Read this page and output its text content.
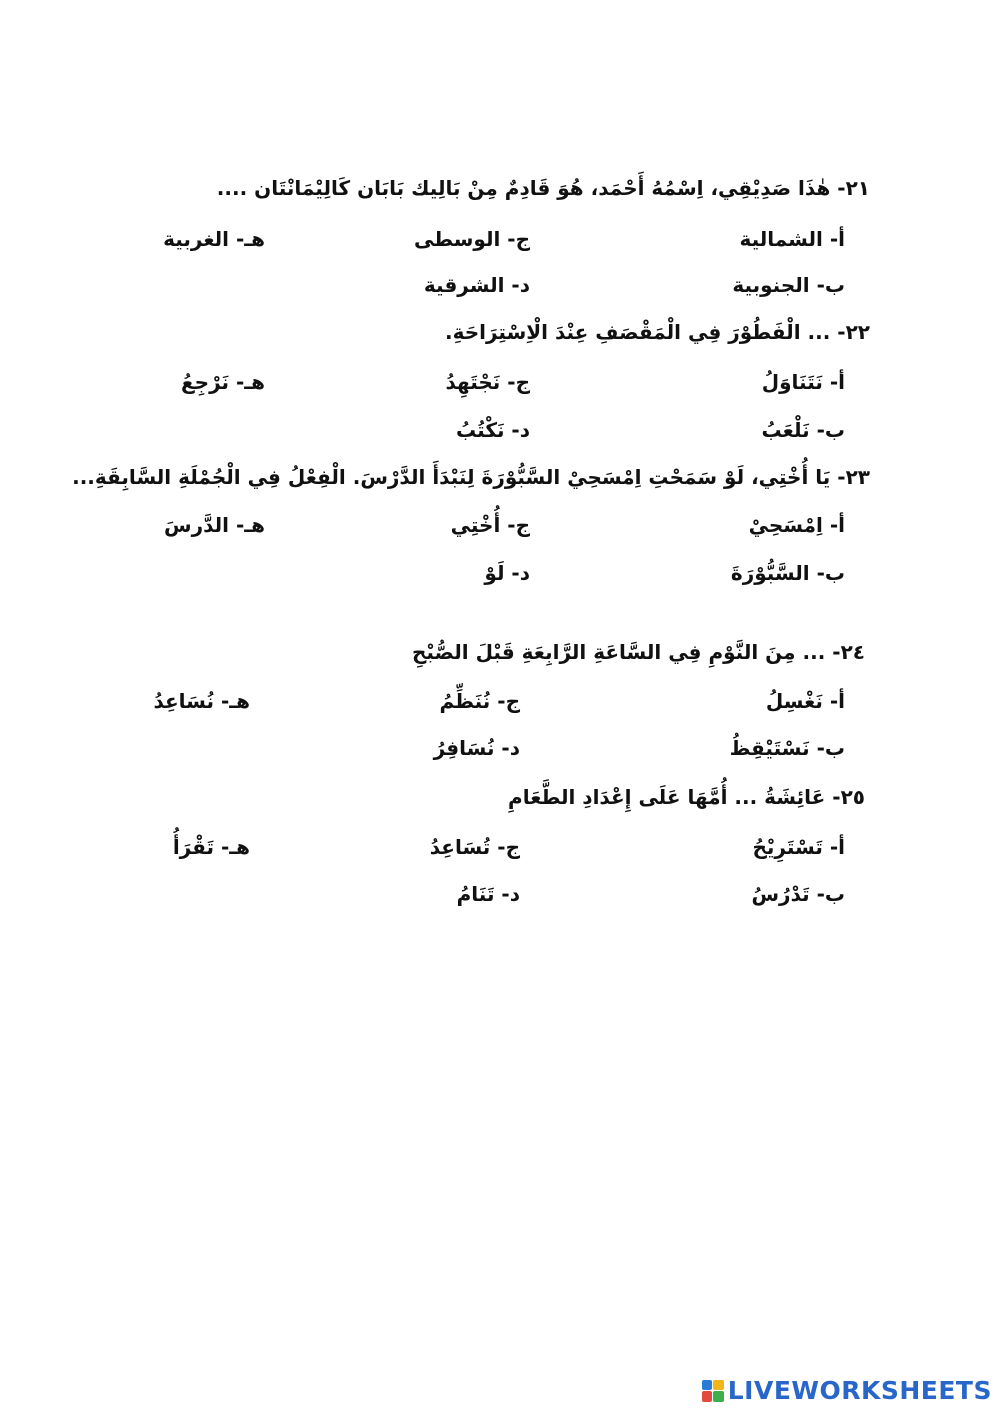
٢١- هٰذَا صَدِيْقِي، اِسْمُهُ أَحْمَد، هُوَ قَادِمٌ مِنْ بَالِيك بَابَان كَالِيْمَانْتَان ....
أ- الشمالية
ج- الوسطى
هـ- الغربية
ب- الجنوبية
د- الشرقية
٢٢- ... الْفَطُوْرَ فِي الْمَقْصَفِ عِنْدَ الْاِسْتِرَاحَةِ.
أ- نَتَنَاوَلُ
ج- نَجْتَهِدُ
هـ- نَرْجِعُ
ب- نَلْعَبُ
د- نَكْتُبُ
٢٣- يَا أُخْتِي، لَوْ سَمَحْتِ اِمْسَحِيْ السَّبُّوْرَةَ لِنَبْدَأَ الدَّرْسَ. الْفِعْلُ فِي الْجُمْلَةِ السَّابِقَةِ...
أ- اِمْسَحِيْ
ج- أُخْتِي
هـ- الدَّرسَ
ب- السَّبُّوْرَةَ
د- لَوْ
٢٤- ... مِنَ النَّوْمِ فِي السَّاعَةِ الرَّابِعَةِ قَبْلَ الصُّبْحِ
أ- نَغْسِلُ
ج- نُنَظِّمُ
هـ- نُسَاعِدُ
ب- نَسْتَيْقِظُ
د- نُسَافِرُ
٢٥- عَائِشَةُ ... أُمَّهَا عَلَى إِعْدَادِ الطَّعَامِ
أ- تَسْتَرِيْحُ
ج- تُسَاعِدُ
هـ- تَقْرَأُ
ب- تَدْرُسُ
د- تَنَامُ
LIVEWORKSHEETS
